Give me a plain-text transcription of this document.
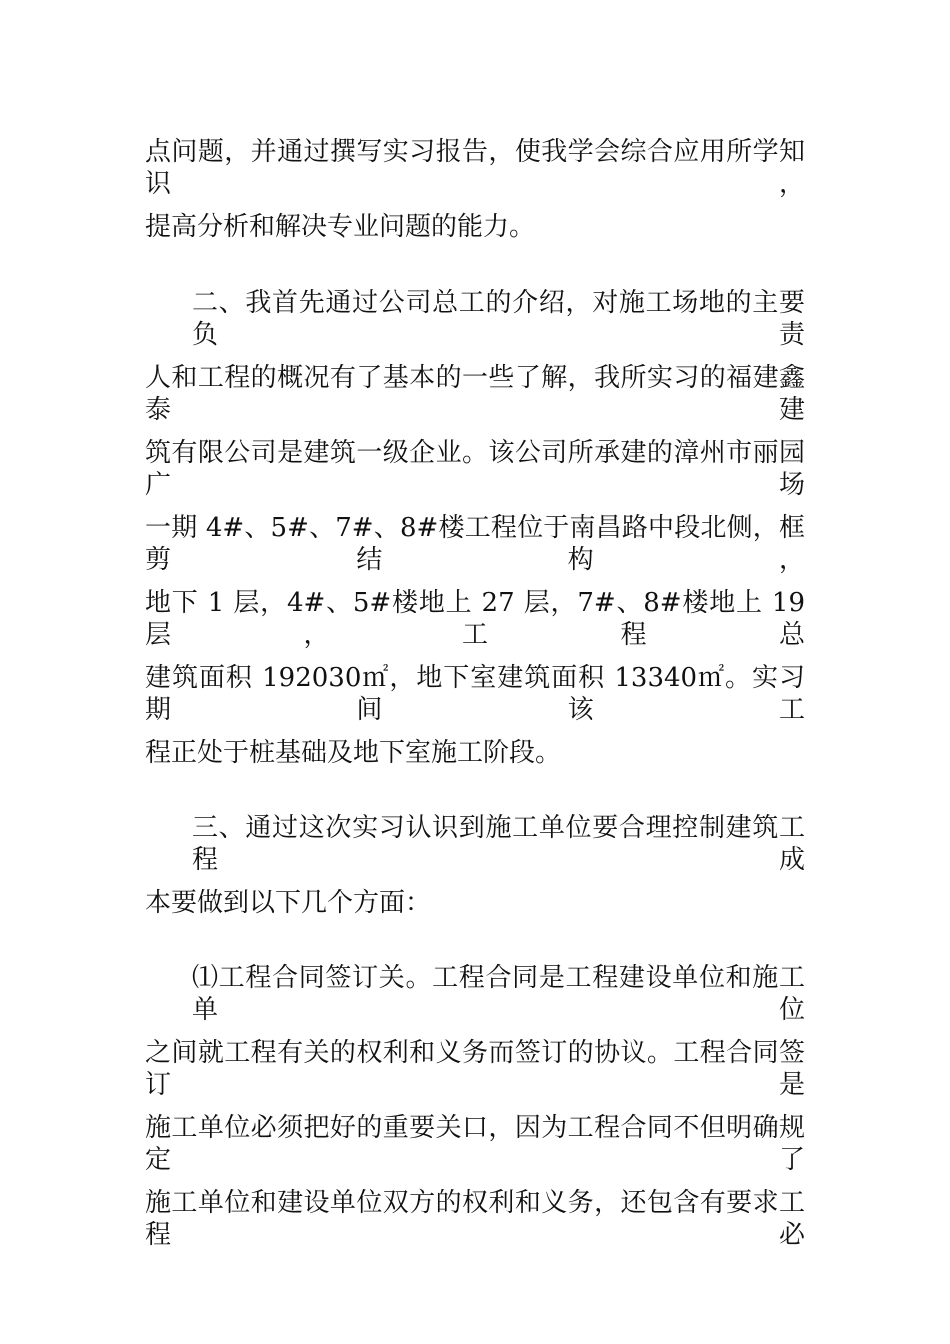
点问题，并通过撰写实习报告，使我学会综合应用所学知识，
提高分析和解决专业问题的能力。
二、我首先通过公司总工的介绍，对施工场地的主要负责
人和工程的概况有了基本的一些了解，我所实习的福建鑫泰建
筑有限公司是建筑一级企业。该公司所承建的漳州市丽园广场
一期 4#、5#、7#、8#楼工程位于南昌路中段北侧，框剪结构，
地下 1 层，4#、5#楼地上 27 层，7#、8#楼地上 19 层，工程总
建筑面积 192030㎡，地下室建筑面积 13340㎡。实习期间该工
程正处于桩基础及地下室施工阶段。
三、通过这次实习认识到施工单位要合理控制建筑工程成
本要做到以下几个方面：
⑴工程合同签订关。工程合同是工程建设单位和施工单位
之间就工程有关的权利和义务而签订的协议。工程合同签订是
施工单位必须把好的重要关口，因为工程合同不但明确规定了
施工单位和建设单位双方的权利和义务，还包含有要求工程必
